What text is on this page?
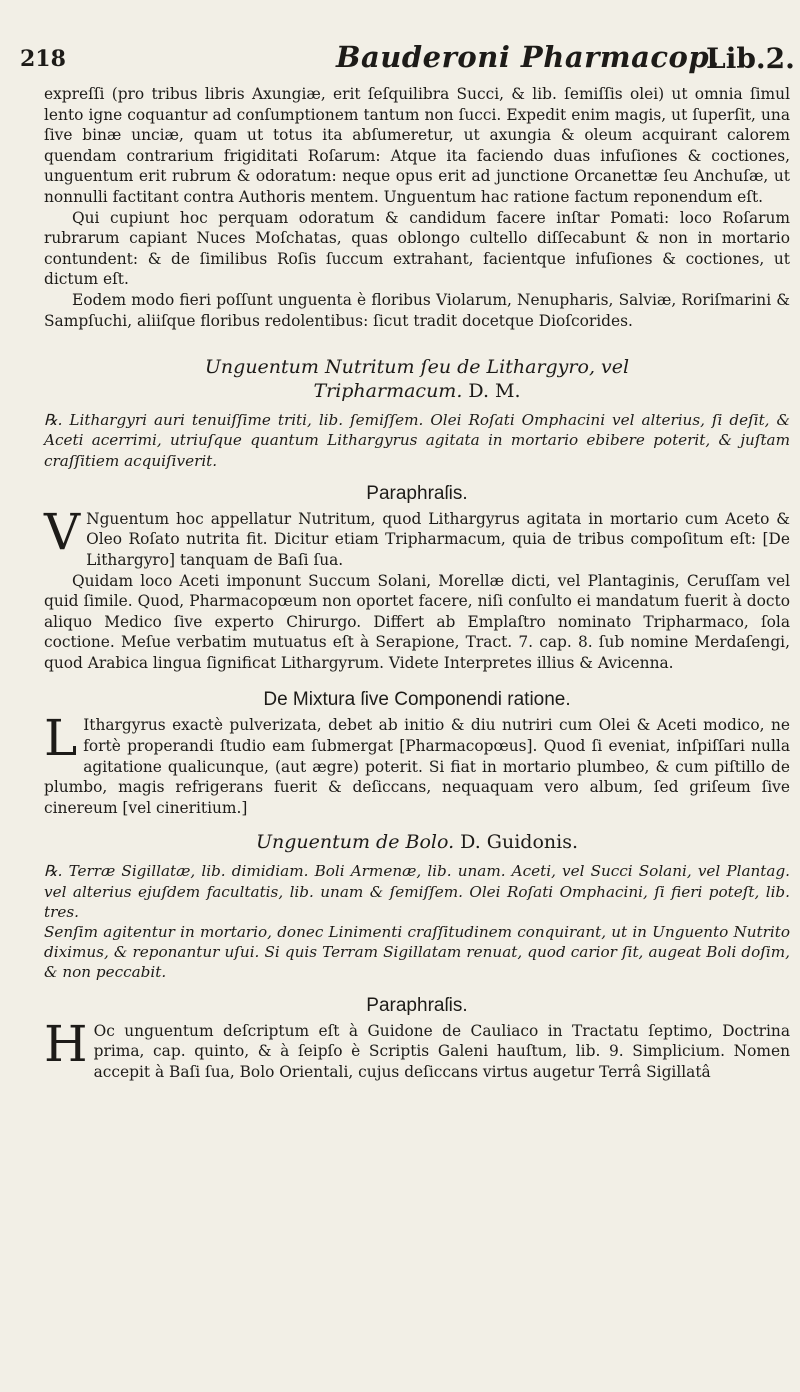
218	Bauderoni Pharmacop.
Lib.2.

expreſſi (pro tribus libris Axungiæ, erit ſeſquilibra Succi, & lib. ſemiſſis olei) ut omnia ſimul lento igne coquantur ad conſumptionem tantum non ſucci. Expedit enim magis, ut ſuperſit, una ſive binæ unciæ, quam ut totus ita abſumeretur, ut axungia & oleum acquirant calorem quendam contrarium frigiditati Roſarum: Atque ita faciendo duas infuſiones & coctiones, unguentum erit rubrum & odoratum: neque opus erit ad junctione Orcanettæ ſeu Anchuſæ, ut nonnulli factitant contra Authoris mentem. Unguentum hac ratione factum reponendum eſt.

Qui cupiunt hoc perquam odoratum & candidum facere inſtar Pomati: loco Roſarum rubrarum capiant Nuces Moſchatas, quas oblongo cultello diſſecabunt & non in mortario contundent: & de ſimilibus Roſis ſuccum extrahant, facientque infuſiones & coctiones, ut dictum eſt.

Eodem modo fieri poſſunt unguenta è floribus Violarum, Nenupharis, Salviæ, Roriſmarini & Sampſuchi, aliiſque floribus redolentibus: ſicut tradit docetque Dioſcorides.

Unguentum Nutritum ſeu de Lithargyro, vel
Tripharmacum. D. M.

℞. Lithargyri auri tenuiſſime triti, lib. ſemiſſem. Olei Roſati Omphacini vel alterius, ſi deſit, & Aceti acerrimi, utriuſque quantum Lithargyrus agitata in mortario ebibere poterit, & juſtam craſſitiem acquiſiverit.

Paraphraſis.

V Nguentum hoc appellatur Nutritum, quod Lithargyrus agitata in mortario cum Aceto & Oleo Roſato nutrita fit. Dicitur etiam Tripharmacum, quia de tribus compoſitum eſt: [De Lithargyro] tanquam de Baſi ſua.

Quidam loco Aceti imponunt Succum Solani, Morellæ dicti, vel Plantaginis, Ceruſſam vel quid ſimile. Quod, Pharmacopœum non oportet facere, niſi conſulto ei mandatum fuerit à docto aliquo Medico ſive experto Chirurgo. Differt ab Emplaſtro nominato Tripharmaco, ſola coctione. Meſue verbatim mutuatus eſt à Serapione, Tract. 7. cap. 8. ſub nomine Merdaſengi, quod Arabica lingua ſignificat Lithargyrum. Videte Interpretes illius & Avicenna.

De Mixtura ſive Componendi ratione.

L Ithargyrus exactè pulverizata, debet ab initio & diu nutriri cum Olei & Aceti modico, ne fortè properandi ſtudio eam ſubmergat [Pharmacopœus]. Quod ſi eveniat, inſpiſſari nulla agitatione qualicunque, (aut ægre) poterit. Si fiat in mortario plumbeo, & cum piſtillo de plumbo, magis refrigerans fuerit & deſiccans, nequaquam vero album, ſed griſeum ſive cinereum [vel cineritium.]

Unguentum de Bolo. D. Guidonis.

℞. Terræ Sigillatæ, lib. dimidiam. Boli Armenæ, lib. unam. Aceti, vel Succi Solani, vel Plantag. vel alterius ejuſdem facultatis, lib. unam & ſemiſſem. Olei Roſati Omphacini, ſi fieri poteſt, lib. tres.

Senſim agitentur in mortario, donec Linimenti craſſitudinem conquirant, ut in Unguento Nutrito diximus, & reponantur uſui. Si quis Terram Sigillatam renuat, quod carior ſit, augeat Boli doſim, & non peccabit.

Paraphraſis.

H Oc unguentum deſcriptum eſt à Guidone de Cauliaco in Tractatu ſeptimo, Doctrina prima, cap. quinto, & à ſeipſo è Scriptis Galeni hauſtum, lib. 9. Simplicium. Nomen accepit à Baſi ſua, Bolo Orientali, cujus deſiccans virtus augetur Terrâ Sigillatâ
